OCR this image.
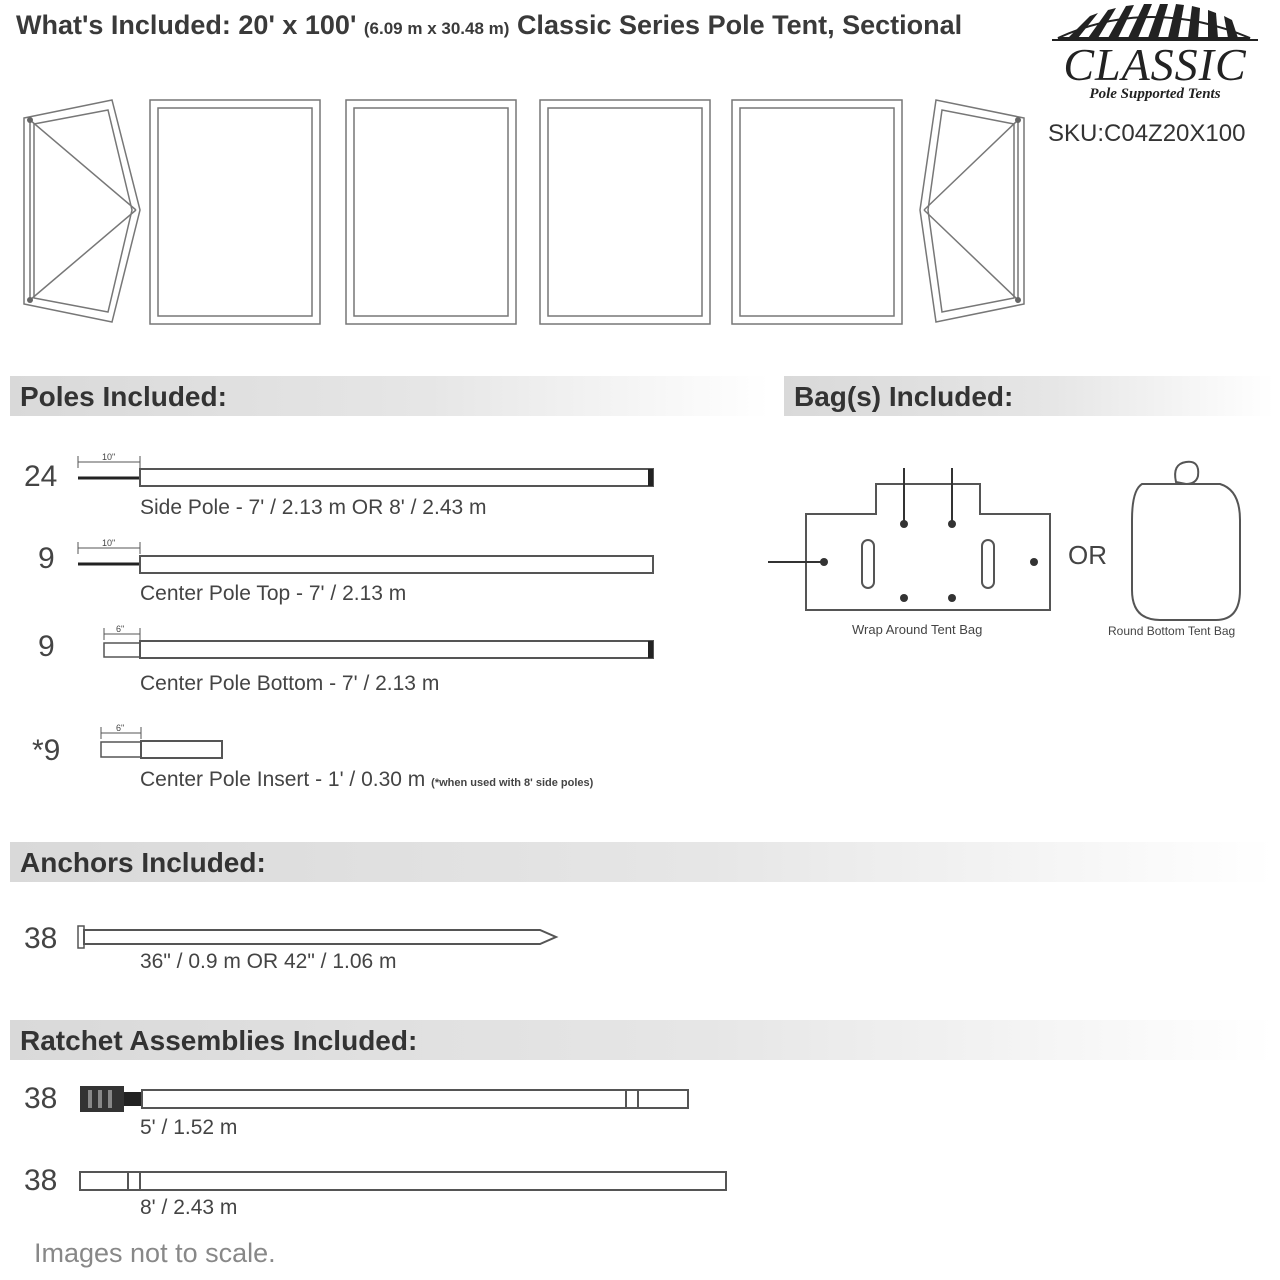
What's Included: 20' x 100' (6.09 m x 30.48 m) Classic Series Pole Tent, Sectional
CLASSIC
Pole Supported Tents
SKU:C04Z20X100
Poles Included:
24
Side Pole - 7' / 2.13 m OR 8' / 2.43 m
9
Center Pole Top - 7' / 2.13 m
9
Center Pole Bottom - 7' / 2.13 m
*9
Center Pole Insert - 1' / 0.30 m (*when used with 8' side poles)
10"
10"
6"
6"
Bag(s) Included:
Wrap Around Tent Bag
OR
Round Bottom Tent Bag
Anchors Included:
38
36" / 0.9 m OR 42" / 1.06 m
Ratchet Assemblies Included:
38
5' / 1.52 m
38
8' / 2.43 m
Images not to scale.
